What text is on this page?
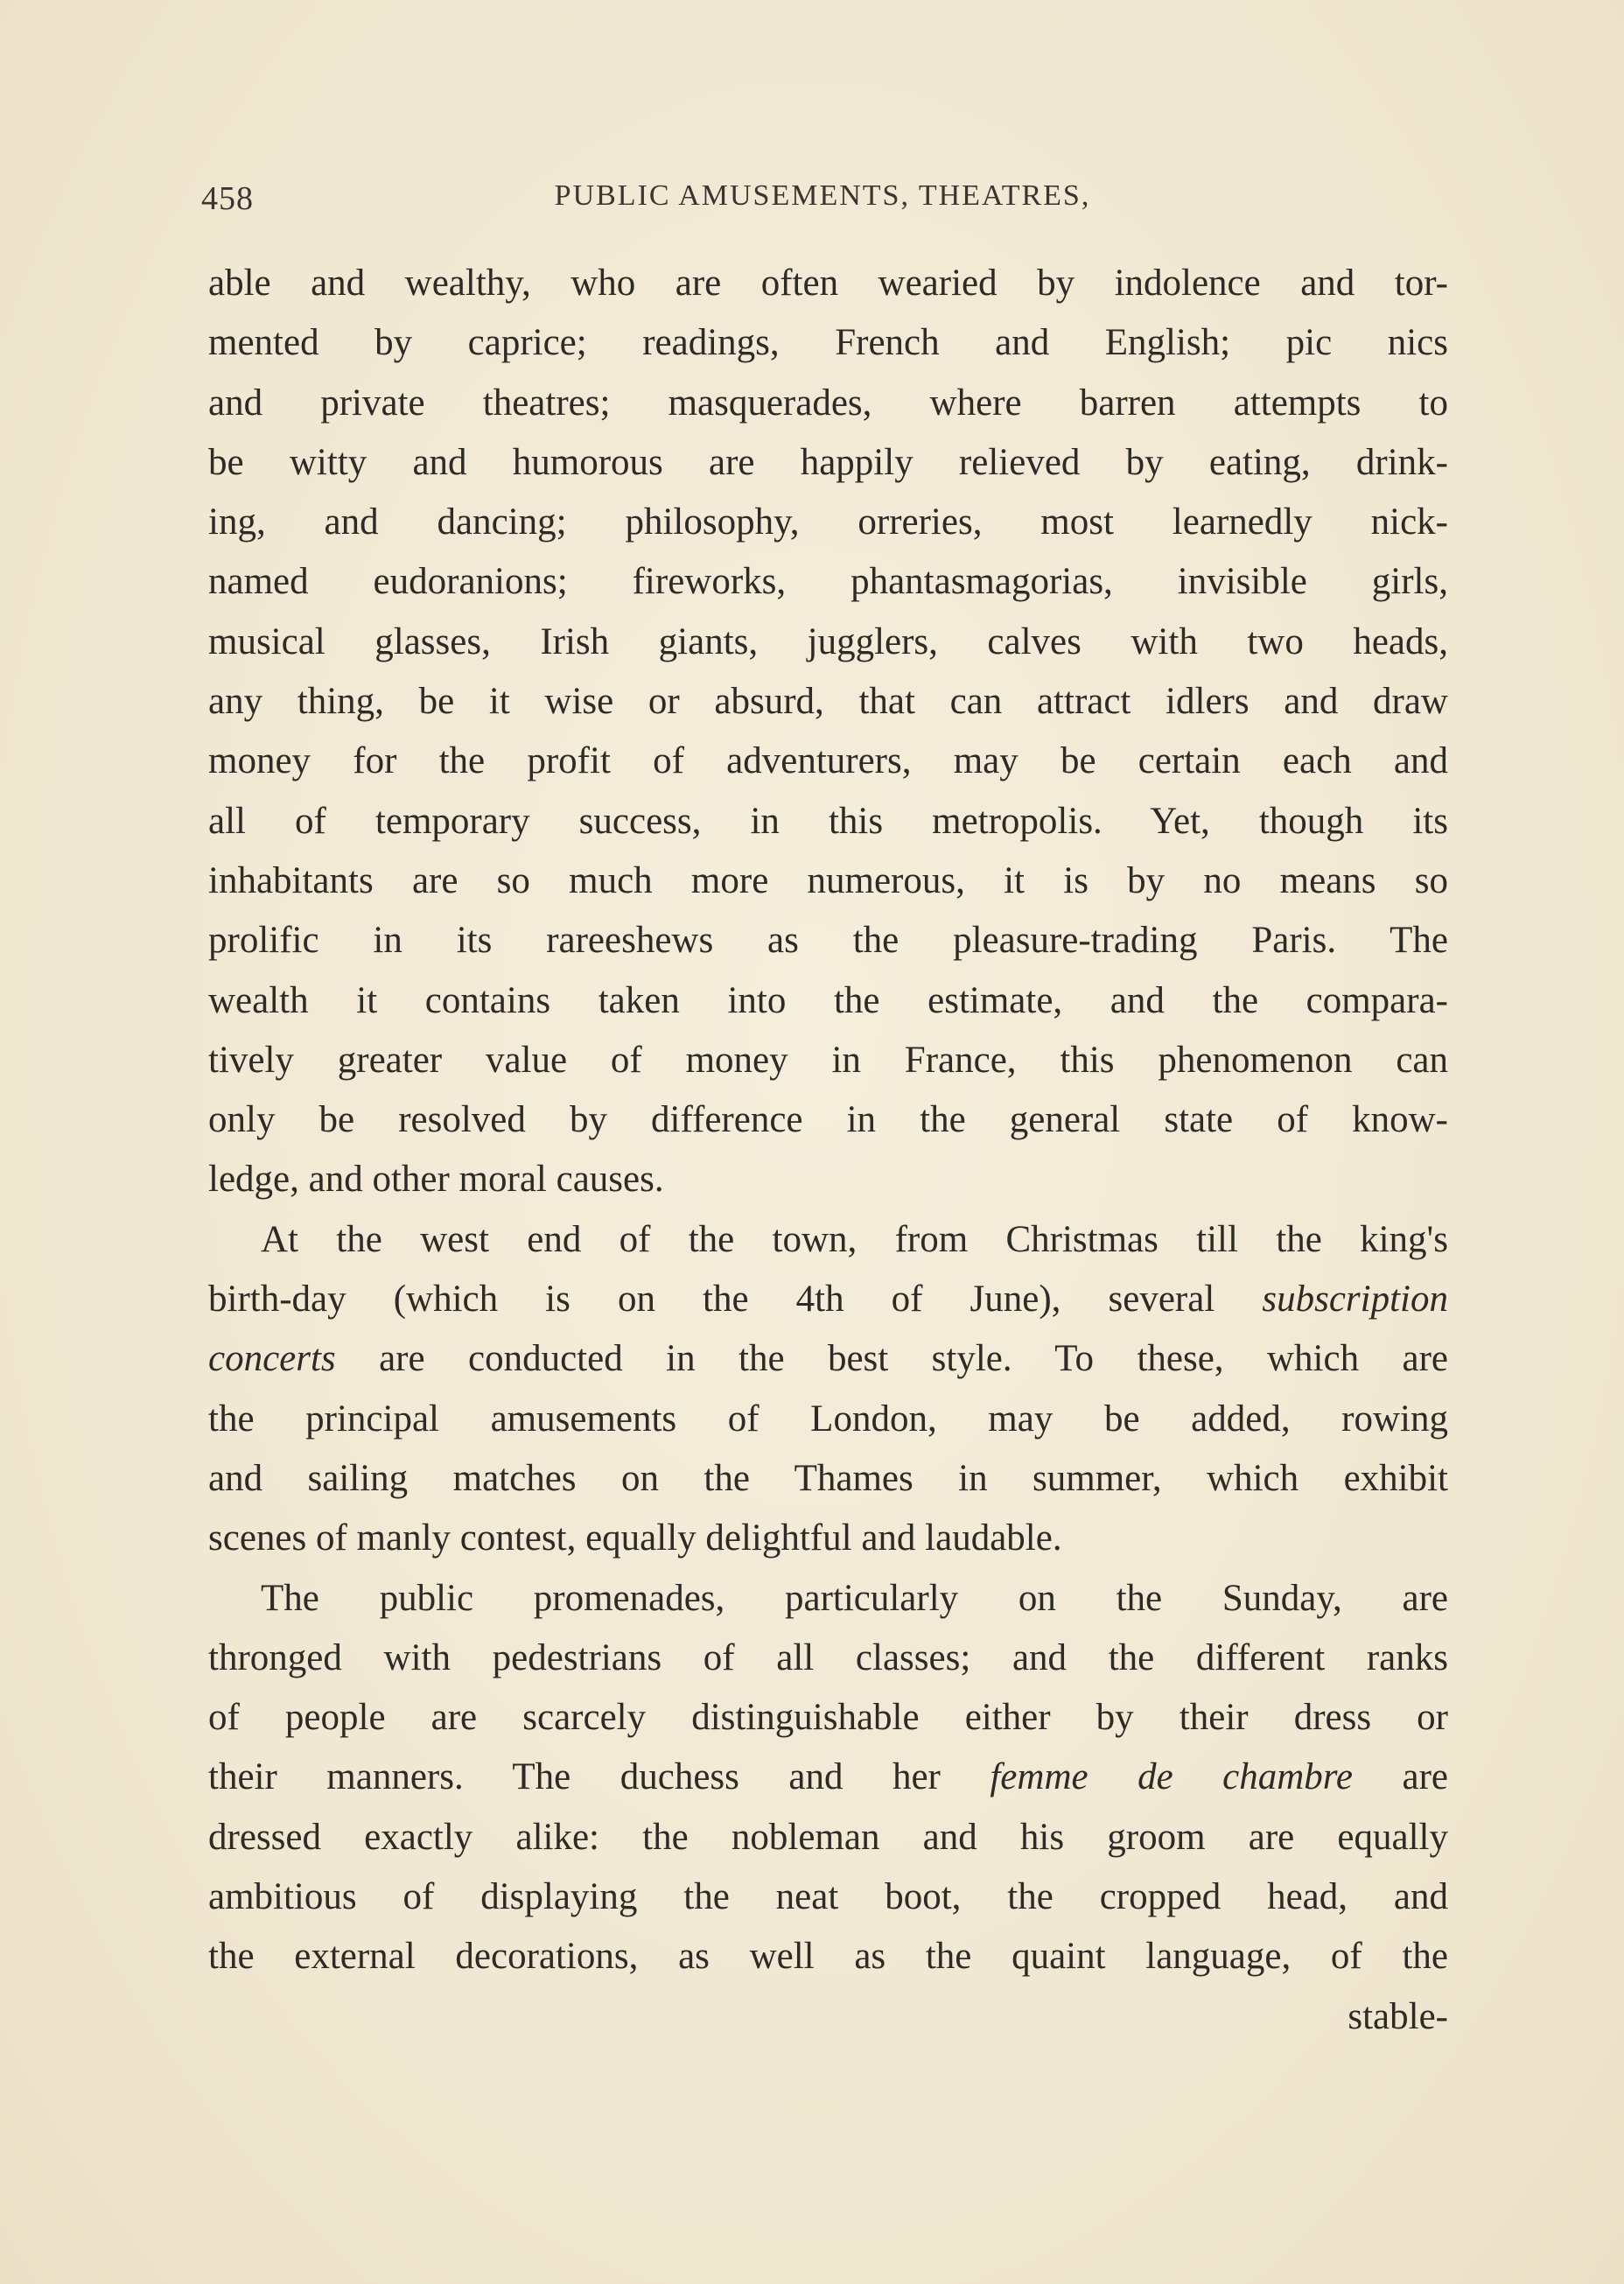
458	PUBLIC AMUSEMENTS, THEATRES,
able and wealthy, who are often wearied by indolence and tor-
mented by caprice; readings, French and English; pic nics
and private theatres; masquerades, where barren attempts to
be witty and humorous are happily relieved by eating, drink-
ing, and dancing; philosophy, orreries, most learnedly nick-
named eudoranions; fireworks, phantasmagorias, invisible girls,
musical glasses, Irish giants, jugglers, calves with two heads,
any thing, be it wise or absurd, that can attract idlers and draw
money for the profit of adventurers, may be certain each and
all of temporary success, in this metropolis. Yet, though its
inhabitants are so much more numerous, it is by no means so
prolific in its rareeshews as the pleasure-trading Paris. The
wealth it contains taken into the estimate, and the compara-
tively greater value of money in France, this phenomenon can
only be resolved by difference in the general state of know-
ledge, and other moral causes.
At the west end of the town, from Christmas till the king's
birth-day (which is on the 4th of June), several subscription
concerts are conducted in the best style. To these, which are
the principal amusements of London, may be added, rowing
and sailing matches on the Thames in summer, which exhibit
scenes of manly contest, equally delightful and laudable.
The public promenades, particularly on the Sunday, are
thronged with pedestrians of all classes; and the different ranks
of people are scarcely distinguishable either by their dress or
their manners. The duchess and her femme de chambre are
dressed exactly alike: the nobleman and his groom are equally
ambitious of displaying the neat boot, the cropped head, and
the external decorations, as well as the quaint language, of the
stable-
